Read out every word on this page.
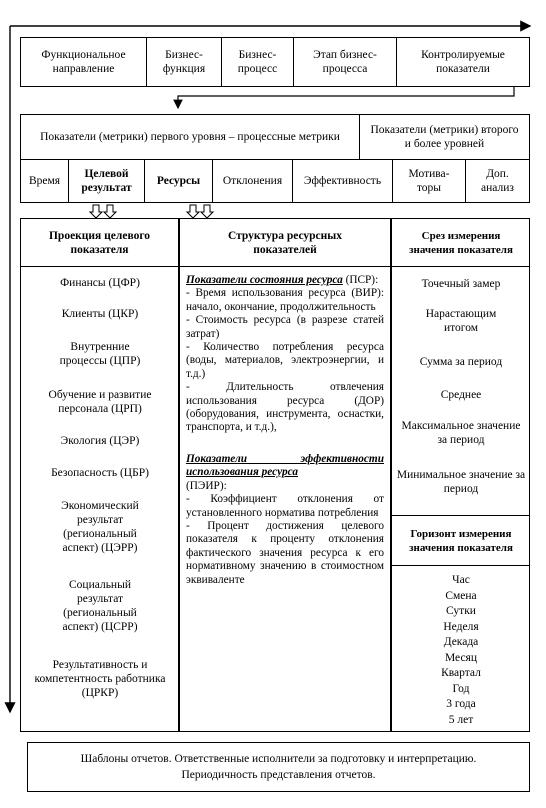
Функциональное направление
Бизнес-функция
Бизнес-процесс
Этап бизнес-процесса
Контролируемые показатели
Показатели (метрики) первого уровня – процессные метрики
Показатели (метрики) второго и более уровней
Время
Целевой результат
Ресурсы Отклонения Эффективность
Мотива-торы
Доп. анализ
Проекция целевого показателя
Структура ресурсных показателей
Срез измерения значения показателя
Горизонт измерения значения показателя
Финансы (ЦФР)
Клиенты (ЦКР)
Внутренние процессы (ЦПР)
Обучение и развитие персонала (ЦРП)
Экология (ЦЭР)
Безопасность (ЦБР)
Экономический результат (региональный аспект) (ЦЭРР)
Социальный результат (региональный аспект) (ЦСРР)
Результативность и компетентность работника (ЦРКР)

Показатели состояния ресурса (ПСР):

- Время использования ресурса (ВИР): начало, окончание, продолжительность

- Стоимость ресурса (в разрезе статей затрат)

- Количество потребления ресурса (воды, материалов, электроэнергии, и т.д.)

- Длительность отвлечения использования ресурса (ДОР) (оборудования, инструмента, оснастки, транспорта, и т.д.),

Показатели эффективности использования ресурса

(ПЭИР):

- Коэффициент отклонения от установленного норматива потребления

- Процент достижения целевого показателя к проценту отклонения фактического значения ресурса к его нормативному значению в стоимостном эквиваленте

Точечный замер
Нарастающим итогом
Сумма за период
Среднее
Максимальное значение за период
Минимальное значение за период
Час
Смена
Сутки
Неделя
Декада
Месяц
Квартал
Год
3 года
5 лет
Шаблоны отчетов. Ответственные исполнители за подготовку и интерпретацию. Периодичность представления отчетов.
